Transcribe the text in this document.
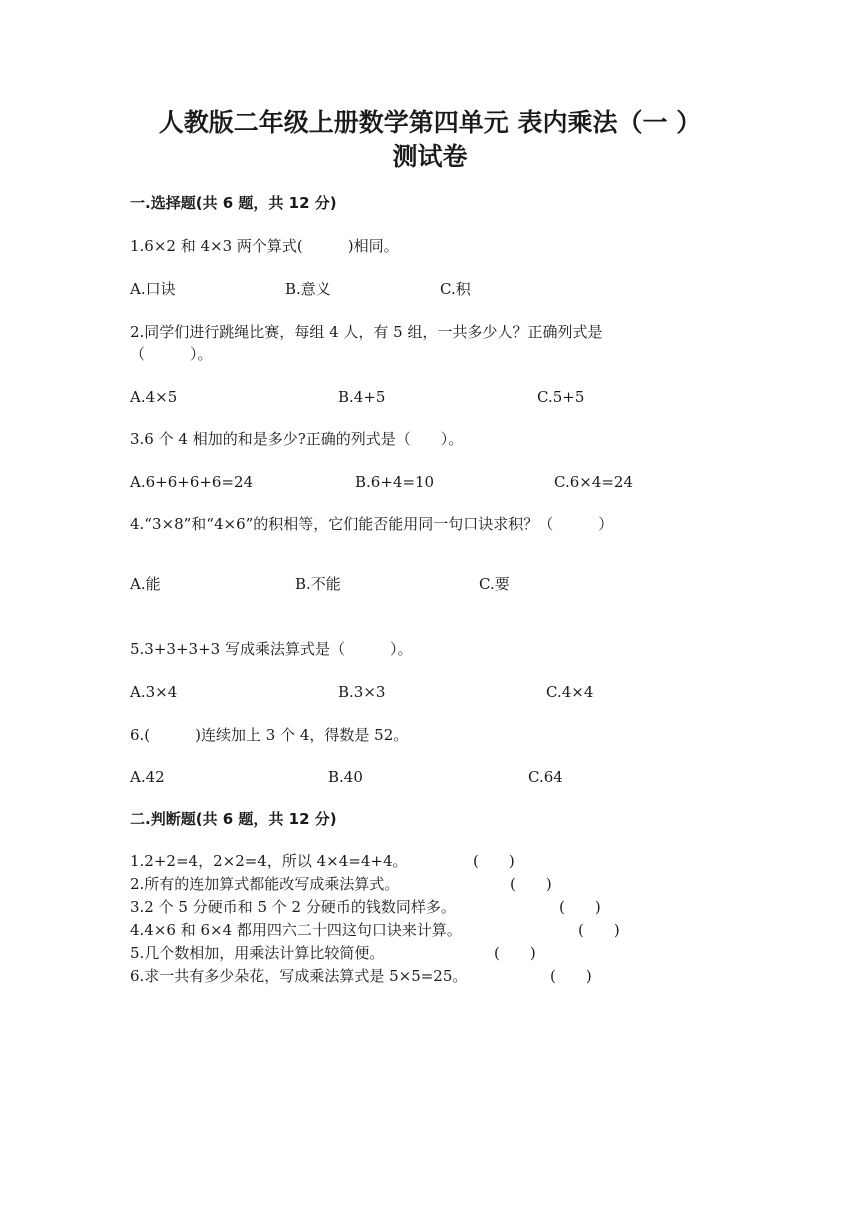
人教版二年级上册数学第四单元 表内乘法（一 ）
测试卷
一.选择题(共 6 题，共 12 分)
1.6×2 和 4×3 两个算式(　　　)相同。
A.口诀	B.意义	C.积
2.同学们进行跳绳比赛，每组 4 人，有 5 组，一共多少人？正确列式是
（　　　）。
A.4×5	B.4+5	C.5+5
3.6 个 4 相加的和是多少?正确的列式是（　　）。
A.6+6+6+6=24	B.6+4=10	C.6×4=24
4.“3×8”和“4×6”的积相等，它们能否能用同一句口诀求积？（　　　）
A.能	B.不能	C.要
5.3+3+3+3 写成乘法算式是（　　　）。
A.3×4	B.3×3	C.4×4
6.(　　　)连续加上 3 个 4，得数是 52。
A.42	B.40	C.64
二.判断题(共 6 题，共 12 分)
1.2+2=4，2×2=4，所以 4×4=4+4。	(　　)
2.所有的连加算式都能改写成乘法算式。	(　　)
3.2 个 5 分硬币和 5 个 2 分硬币的钱数同样多。	(　　)
4.4×6 和 6×4 都用四六二十四这句口诀来计算。	(　　)
5.几个数相加，用乘法计算比较简便。	(　　)
6.求一共有多少朵花，写成乘法算式是 5×5=25。	(　　)
